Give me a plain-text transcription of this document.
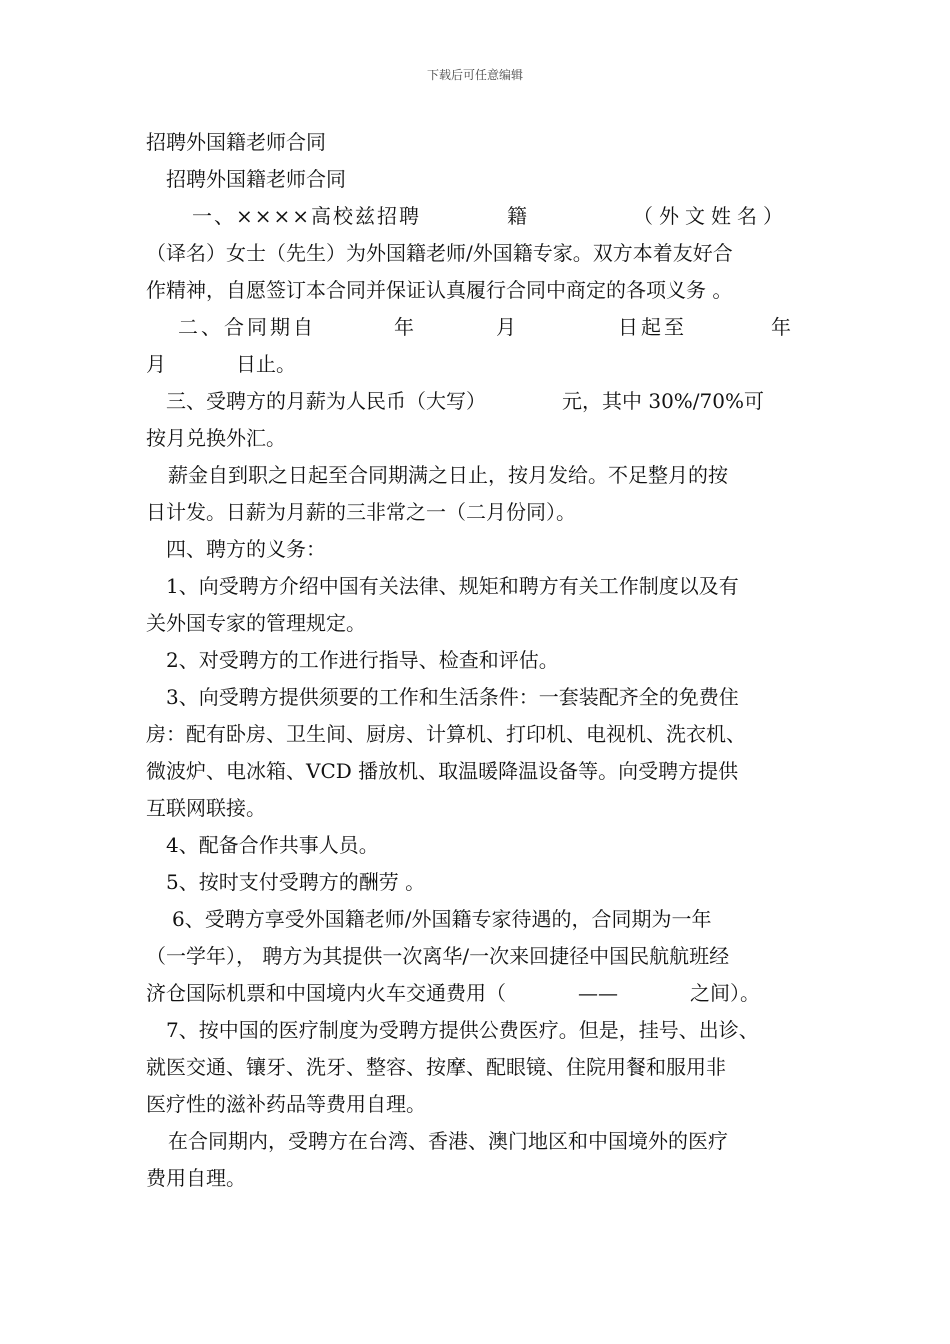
下载后可任意编辑
招聘外国籍老师合同
招聘外国籍老师合同
一、××××高校兹招聘	籍	（外文姓名）
（译名）女士（先生）为外国籍老师/外国籍专家。双方本着友好合
作精神，自愿签订本合同并保证认真履行合同中商定的各项义务 。
二、合同期自	年	月	日起至	年
月	日止。
三、受聘方的月薪为人民币（大写）	元，其中 30%/70%可
按月兑换外汇。
薪金自到职之日起至合同期满之日止，按月发给。不足整月的按
日计发。日薪为月薪的三非常之一（二月份同）。
四、聘方的义务：
1、向受聘方介绍中国有关法律、规矩和聘方有关工作制度以及有
关外国专家的管理规定。
2、对受聘方的工作进行指导、检查和评估。
3、向受聘方提供须要的工作和生活条件：一套装配齐全的免费住
房：配有卧房、卫生间、厨房、计算机、打印机、电视机、洗衣机、
微波炉、电冰箱、VCD 播放机、取温暖降温设备等。向受聘方提供
互联网联接。
4、配备合作共事人员。
5、按时支付受聘方的酬劳 。
6、受聘方享受外国籍老师/外国籍专家待遇的，合同期为一年
（一学年）， 聘方为其提供一次离华/一次来回捷径中国民航航班经
济仓国际机票和中国境内火车交通费用（	——	之间）。
7、按中国的医疗制度为受聘方提供公费医疗。但是，挂号、出诊、
就医交通、镶牙、洗牙、整容、按摩、配眼镜、住院用餐和服用非
医疗性的滋补药品等费用自理。
在合同期内，受聘方在台湾、香港、澳门地区和中国境外的医疗
费用自理。
